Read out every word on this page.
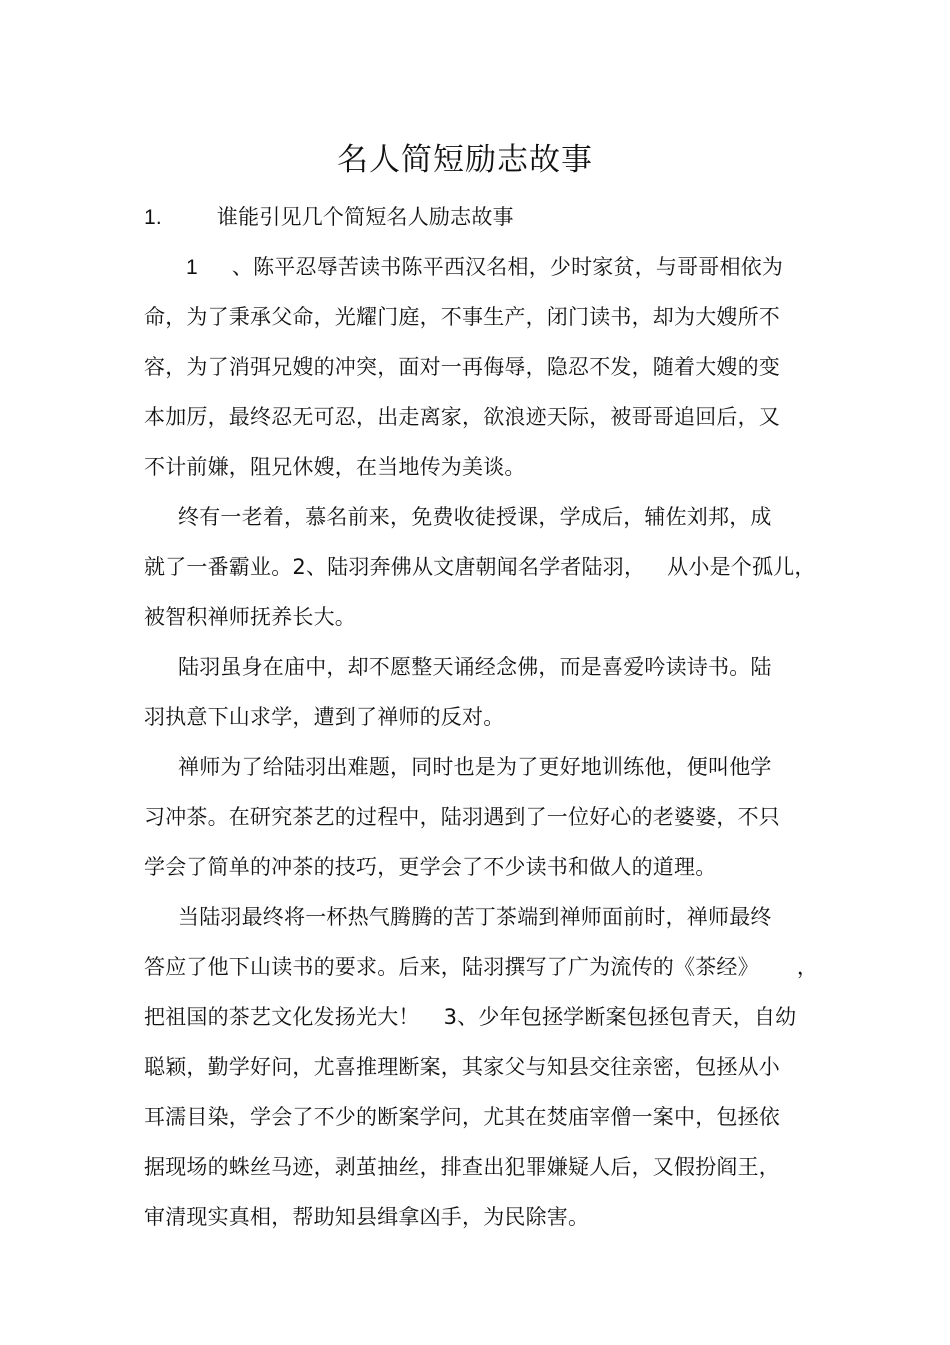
名人简短励志故事
1.	谁能引见几个简短名人励志故事
1 、陈平忍辱苦读书陈平西汉名相，少时家贫，与哥哥相依为
命，为了秉承父命，光耀门庭，不事生产，闭门读书，却为大嫂所不
容，为了消弭兄嫂的冲突，面对一再侮辱，隐忍不发，随着大嫂的变
本加厉，最终忍无可忍，出走离家，欲浪迹天际，被哥哥追回后，又
不计前嫌，阻兄休嫂，在当地传为美谈。
终有一老着，慕名前来，免费收徒授课，学成后，辅佐刘邦，成
就了一番霸业。2、陆羽奔佛从文唐朝闻名学者陆羽， 从小是个孤儿，
被智积禅师抚养长大。
陆羽虽身在庙中，却不愿整天诵经念佛，而是喜爱吟读诗书。陆
羽执意下山求学，遭到了禅师的反对。
禅师为了给陆羽出难题，同时也是为了更好地训练他，便叫他学
习冲茶。在研究茶艺的过程中，陆羽遇到了一位好心的老婆婆，不只
学会了简单的冲茶的技巧，更学会了不少读书和做人的道理。
当陆羽最终将一杯热气腾腾的苦丁茶端到禅师面前时，禅师最终
答应了他下山读书的要求。后来，陆羽撰写了广为流传的《茶经》 ，
把祖国的茶艺文化发扬光大！ 3、少年包拯学断案包拯包青天，自幼
聪颖，勤学好问，尤喜推理断案，其家父与知县交往亲密，包拯从小
耳濡目染，学会了不少的断案学问，尤其在焚庙宰僧一案中，包拯依
据现场的蛛丝马迹，剥茧抽丝，排查出犯罪嫌疑人后，又假扮阎王，
审清现实真相，帮助知县缉拿凶手，为民除害。
